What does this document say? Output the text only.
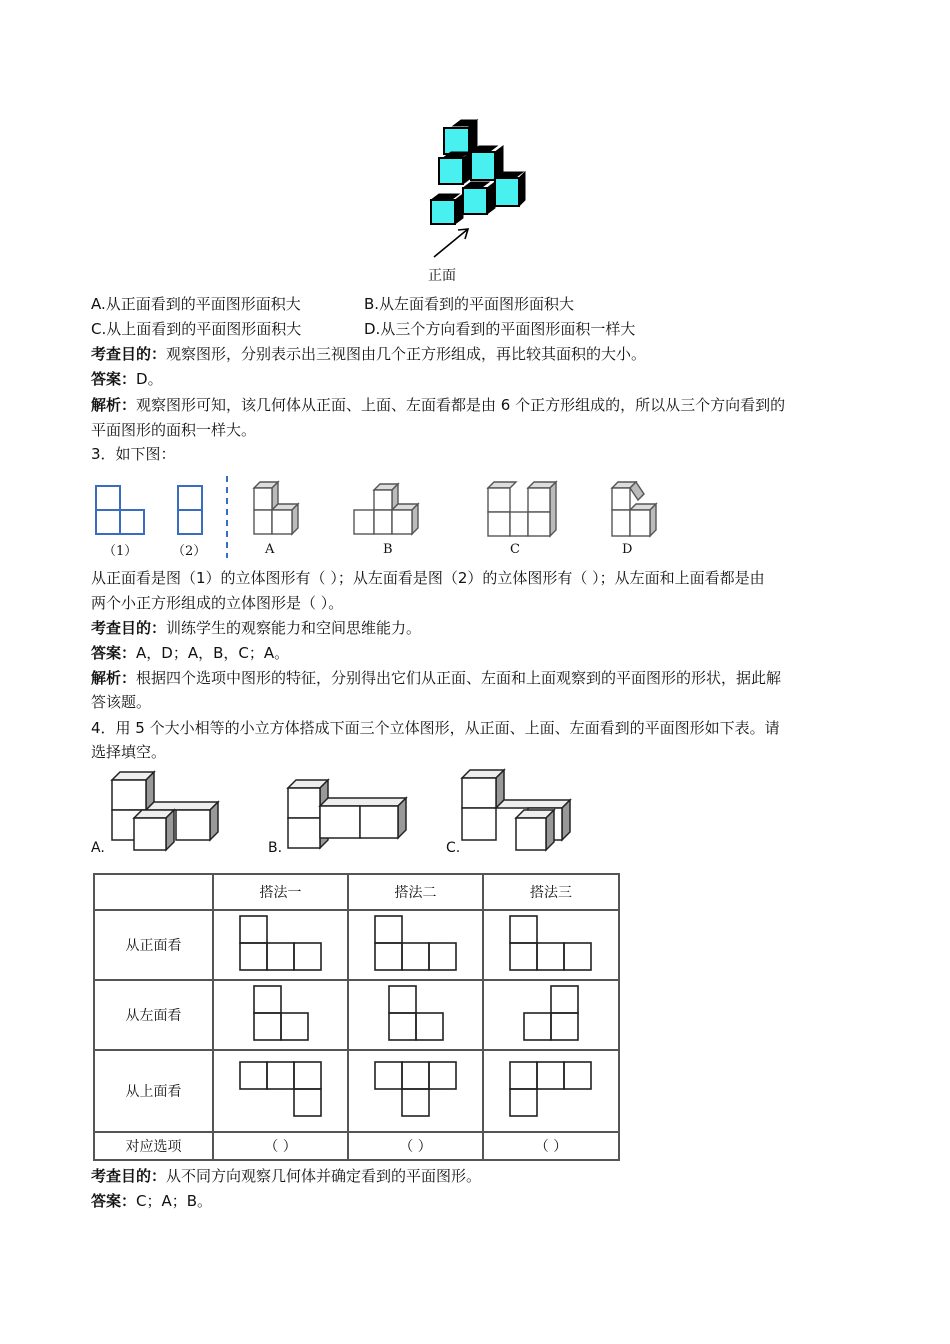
正面
A.从正面看到的平面图形面积大	B.从左面看到的平面图形面积大
C.从上面看到的平面图形面积大	D.从三个方向看到的平面图形面积一样大
考查目的：观察图形，分别表示出三视图由几个正方形组成，再比较其面积的大小。
答案：D。
解析：观察图形可知，该几何体从正面、上面、左面看都是由 6 个正方形组成的，所以从三个方向看到的
平面图形的面积一样大。
3．如下图：
（1）	（2）	A	B	C	D
从正面看是图（1）的立体图形有（ ）；从左面看是图（2）的立体图形有（ ）；从左面和上面看都是由
两个小正方形组成的立体图形是（ ）。
考查目的：训练学生的观察能力和空间思维能力。
答案：A，D；A，B，C；A。
解析：根据四个选项中图形的特征，分别得出它们从正面、左面和上面观察到的平面图形的形状，据此解
答该题。
4．用 5 个大小相等的小立方体搭成下面三个立体图形，从正面、上面、左面看到的平面图形如下表。请
选择填空。
A.	B.	C.
	搭法一	搭法二	搭法三
从正面看			
从左面看			
从上面看			
对应选项	（ ）	（ ）	（ ）
考查目的：从不同方向观察几何体并确定看到的平面图形。
答案：C；A；B。
